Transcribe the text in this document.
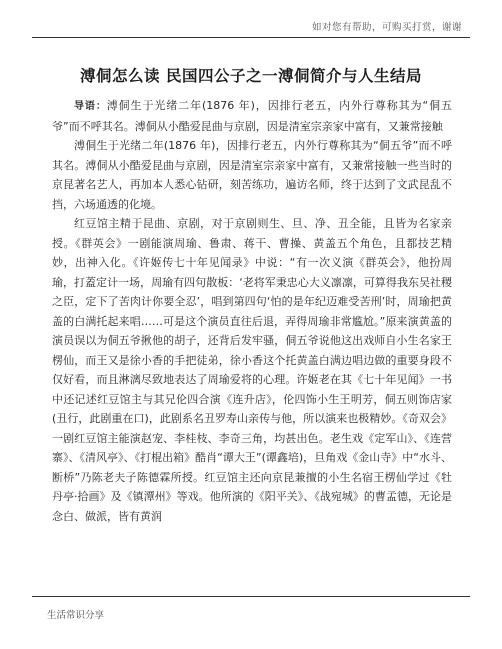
如对您有帮助，可购买打赏，谢谢
溥侗怎么读 民国四公子之一溥侗简介与人生结局

导语：溥侗生于光绪二年(1876 年)，因排行老五，内外行尊称其为“侗五爷”而不呼其名。溥侗从小酷爱昆曲与京剧，因是清室宗亲家中富有，又兼常接触

溥侗生于光绪二年(1876 年)，因排行老五，内外行尊称其为“侗五爷”而不呼其名。溥侗从小酷爱昆曲与京剧，因是清室宗亲家中富有，又兼常接触一些当时的京昆著名艺人，再加本人悉心钻研，刻苦练功，遍访名师，终于达到了文武昆乱不挡，六场通透的化境。

红豆馆主精于昆曲、京剧，对于京剧则生、旦、净、丑全能，且皆为名家亲授。《群英会》一剧能演周瑜、鲁肃、蒋干、曹操、黄盖五个角色，且都技艺精妙，出神入化。《许姬传七十年见闻录》中说：“有一次义演《群英会》，他扮周瑜，打蓋定计一场，周瑜有四句散板：‘老将军秉忠心大义凛凛，可算得我东吴社稷之臣，定下了苦肉计你要全忍’，唱到第四句‘怕的是年纪迈难受苦刑’时，周瑜把黄盖的白满托起来唱……可是这个演员直往后退，弄得周瑜非常尴尬。”原来演黄盖的演员误以为侗五爷揪他的胡子，还背后发牢骚，侗五爷说他这出戏师自小生名家王楞仙，而王又是徐小香的手把徒弟，徐小香这个托黄盖白满边唱边做的重要身段不仅好看，而且淋漓尽致地表达了周瑜爱将的心理。许姬老在其《七十年见闻》一书中还记述红豆馆主与其兄伦四合演《连升店》，伦四饰小生王明芳，侗五则饰店家(丑行，此剧重在口)，此剧系名丑罗寿山亲传与他，所以演来也极精妙。《奇双会》一剧红豆馆主能演赵宠、李桂枝、李奇三角，均甚出色。老生戏《定军山》、《连营寨》、《清风亭》、《打棍出箱》酷肖“谭大王”(谭鑫培)，旦角戏《金山寺》中“水斗、断桥”乃陈老夫子陈德霖所授。红豆馆主还向京昆兼擅的小生名宿王楞仙学过《牡丹亭·拾画》及《镇潭州》等戏。他所演的《阳平关》、《战宛城》的曹孟德，无论是念白、做派，皆有黄润

生活常识分享
